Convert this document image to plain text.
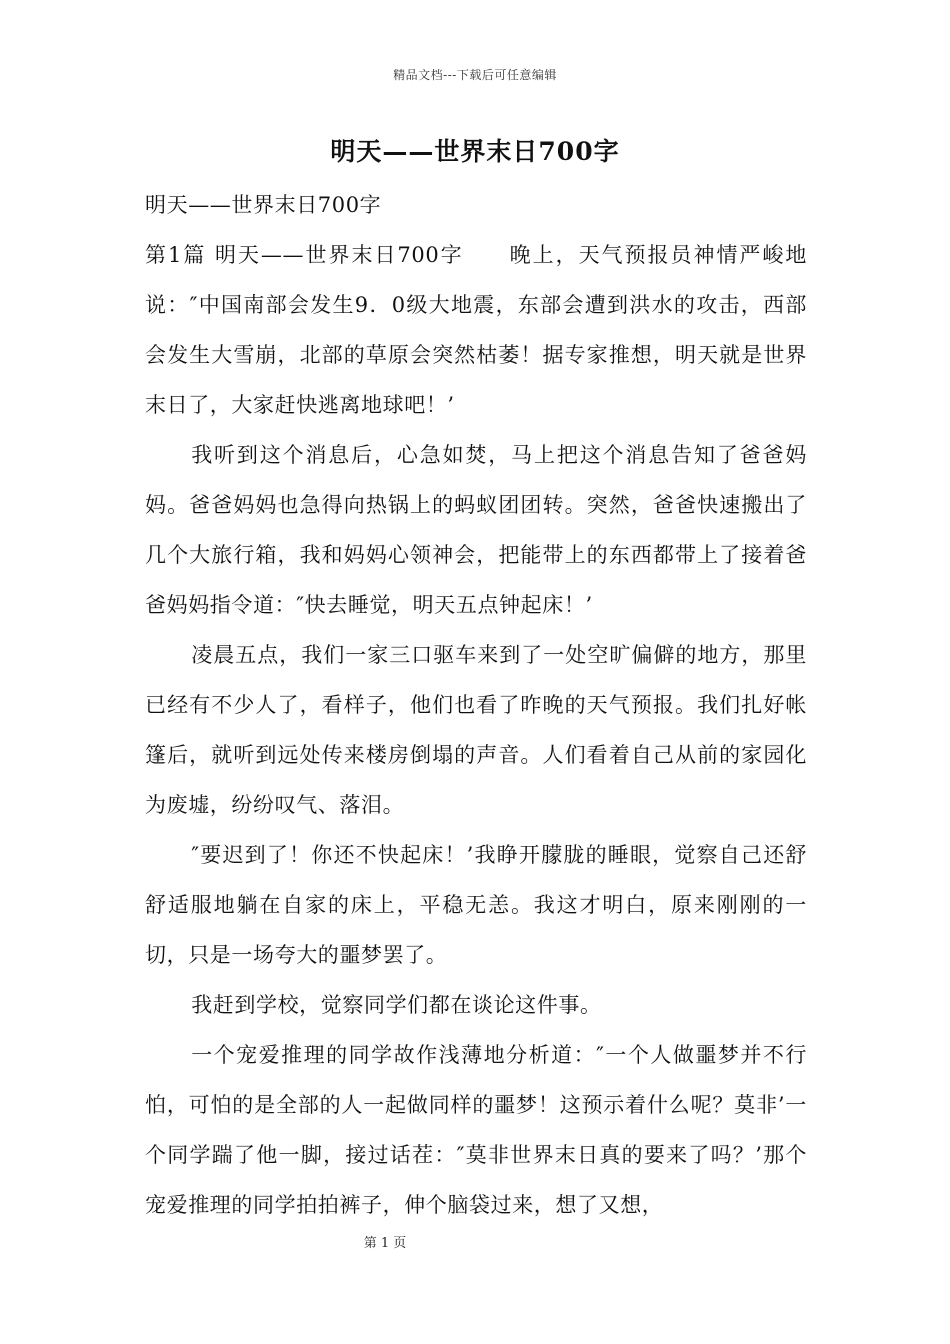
精品文档---下载后可任意编辑
明天——世界末日700字

明天——世界末日700字

第1篇 明天——世界末日700字　　晚上，天气预报员神情严峻地说：″中国南部会发生9．0级大地震，东部会遭到洪水的攻击，西部会发生大雪崩，北部的草原会突然枯萎！据专家推想，明天就是世界末日了，大家赶快逃离地球吧！’

我听到这个消息后，心急如焚，马上把这个消息告知了爸爸妈妈。爸爸妈妈也急得向热锅上的蚂蚁团团转。突然，爸爸快速搬出了几个大旅行箱，我和妈妈心领神会，把能带上的东西都带上了接着爸爸妈妈指令道：″快去睡觉，明天五点钟起床！’

凌晨五点，我们一家三口驱车来到了一处空旷偏僻的地方，那里已经有不少人了，看样子，他们也看了昨晚的天气预报。我们扎好帐篷后，就听到远处传来楼房倒塌的声音。人们看着自己从前的家园化为废墟，纷纷叹气、落泪。

″要迟到了！你还不快起床！’我睁开朦胧的睡眼，觉察自己还舒舒适服地躺在自家的床上，平稳无恙。我这才明白，原来刚刚的一切，只是一场夸大的噩梦罢了。

我赶到学校，觉察同学们都在谈论这件事。

一个宠爱推理的同学故作浅薄地分析道：″一个人做噩梦并不行怕，可怕的是全部的人一起做同样的噩梦！这预示着什么呢？莫非’一个同学踹了他一脚，接过话茬：″莫非世界末日真的要来了吗？’那个宠爱推理的同学拍拍裤子，伸个脑袋过来，想了又想，

第 1 页
